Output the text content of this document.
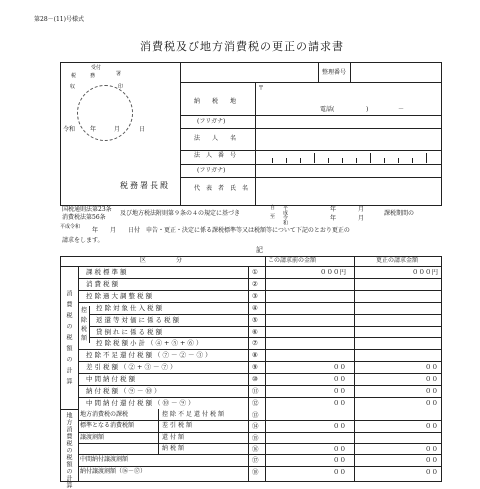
第28－(11)号様式
消費税及び地方消費税の更正の請求書
受付
税	務	署
収	印
整理番号
納　税　地
〒
電話(	)	－
(フリガナ)
法　　人　　名
法　人　番　号
(フリガナ)
代　表　者　氏　名
令和 年	月	日
税務署長殿
国税通則法第23条
消費税法第56条
及び地方税法附則第９条の４の規定に基づき
自
至 平成令和	年	月
年	月
課税期間の
平成令和 年　　月　　日付　申告・更正・決定に係る課税標準等又は税額等について下記のとおり更正の
請求をします。
記
区　　　　　分	この請求前の金額	更正の請求金額
消費税の税額の計算
地方消費税の税額の計算
控
除
税
額
課税標準額	①	０００円	０００円
消費税額	②
控除過大調整税額	③
控除対象仕入税額	④
返還等対価に係る税額	⑤
貸倒れに係る税額	⑥
控除税額小計（④+⑤+⑥）	⑦
控除不足還付税額（⑦－②－③）	⑧
差引税額（②+③－⑦）	⑨	００	００
中間納付税額	⑩	００	００
納付税額（⑨－⑩）	⑪	００	００
中間納付還付税額（⑩－⑨）	⑫	００	００
地方消費税の課税	控除不足還付税額	⑬
標準となる消費税額	差引税額	⑭	００	００
譲渡割額	還付額	⑮
納税額	⑯	００	００
中間納付譲渡割額	⑰	００	００
納付譲渡割額（⑯－⑰）	⑱	００	００
